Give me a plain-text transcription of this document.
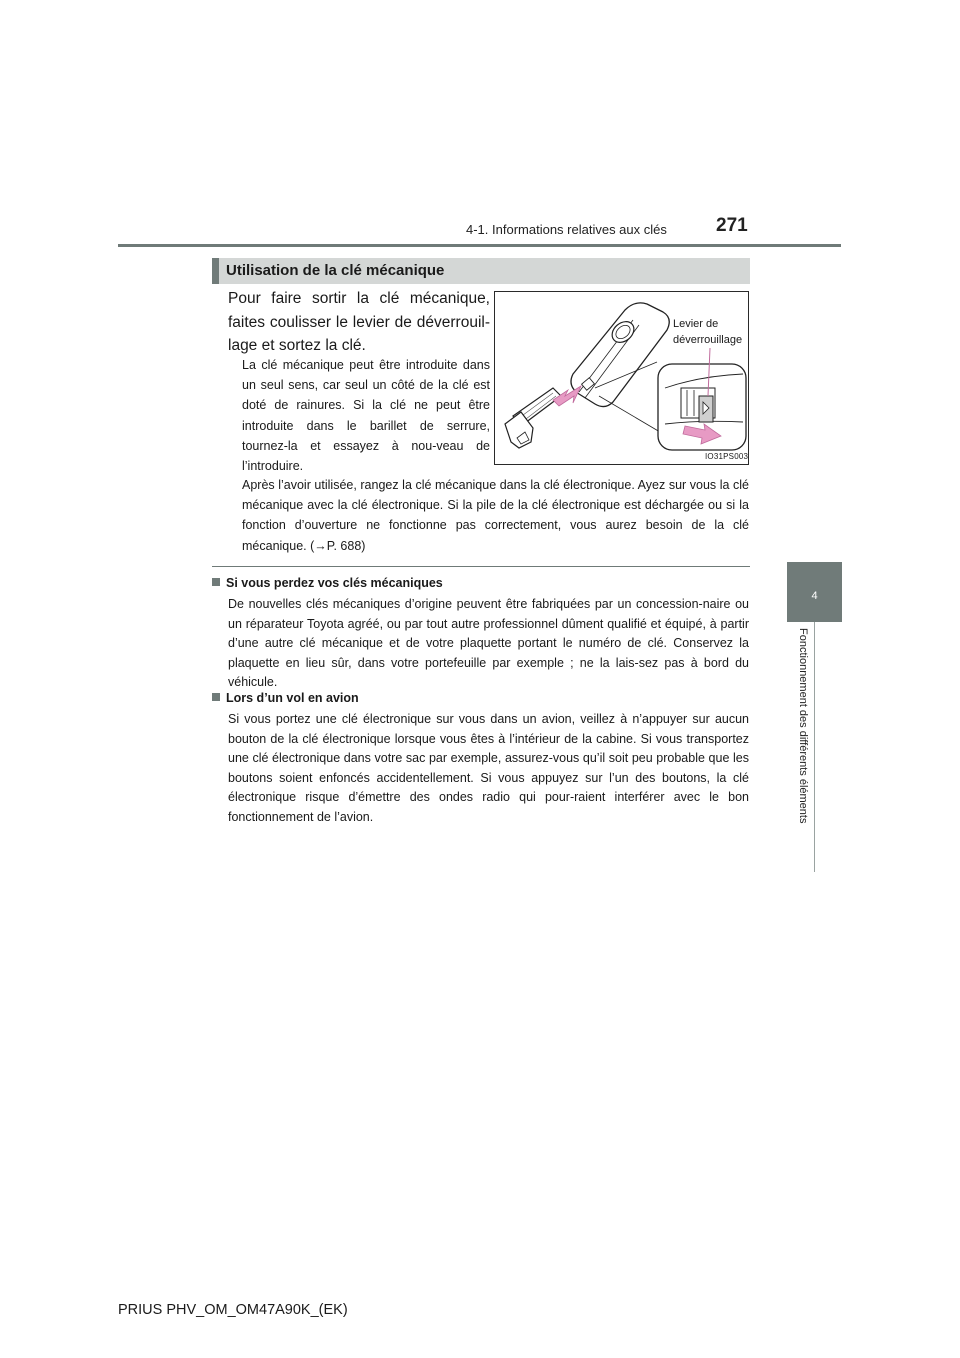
4-1. Informations relatives aux clés	271
4
Fonctionnement des différents éléments
Utilisation de la clé mécanique

Pour faire sortir la clé mécanique, faites coulisser le levier de déverrouil-lage et sortez la clé.

La clé mécanique peut être introduite dans un seul sens, car seul un côté de la clé est doté de rainures. Si la clé ne peut être introduite dans le barillet de serrure, tournez-la et essayez à nou-veau de l’introduire.

Levier de
déverrouillage
IO31PS003

Après l’avoir utilisée, rangez la clé mécanique dans la clé électronique. Ayez sur vous la clé mécanique avec la clé électronique. Si la pile de la clé électronique est déchargée ou si la fonction d’ouverture ne fonctionne pas correctement, vous aurez besoin de la clé mécanique. (→P. 688)

Si vous perdez vos clés mécaniques

De nouvelles clés mécaniques d’origine peuvent être fabriquées par un concession-naire ou un réparateur Toyota agréé, ou par tout autre professionnel dûment qualifié et équipé, à partir d’une autre clé mécanique et de votre plaquette portant le numéro de clé. Conservez la plaquette en lieu sûr, dans votre portefeuille par exemple ; ne la lais-sez pas à bord du véhicule.

Lors d’un vol en avion

Si vous portez une clé électronique sur vous dans un avion, veillez à n’appuyer sur aucun bouton de la clé électronique lorsque vous êtes à l’intérieur de la cabine. Si vous transportez une clé électronique dans votre sac par exemple, assurez-vous qu’il soit peu probable que les boutons soient enfoncés accidentellement. Si vous appuyez sur l’un des boutons, la clé électronique risque d’émettre des ondes radio qui pour-raient interférer avec le bon fonctionnement de l’avion.

PRIUS PHV_OM_OM47A90K_(EK)
